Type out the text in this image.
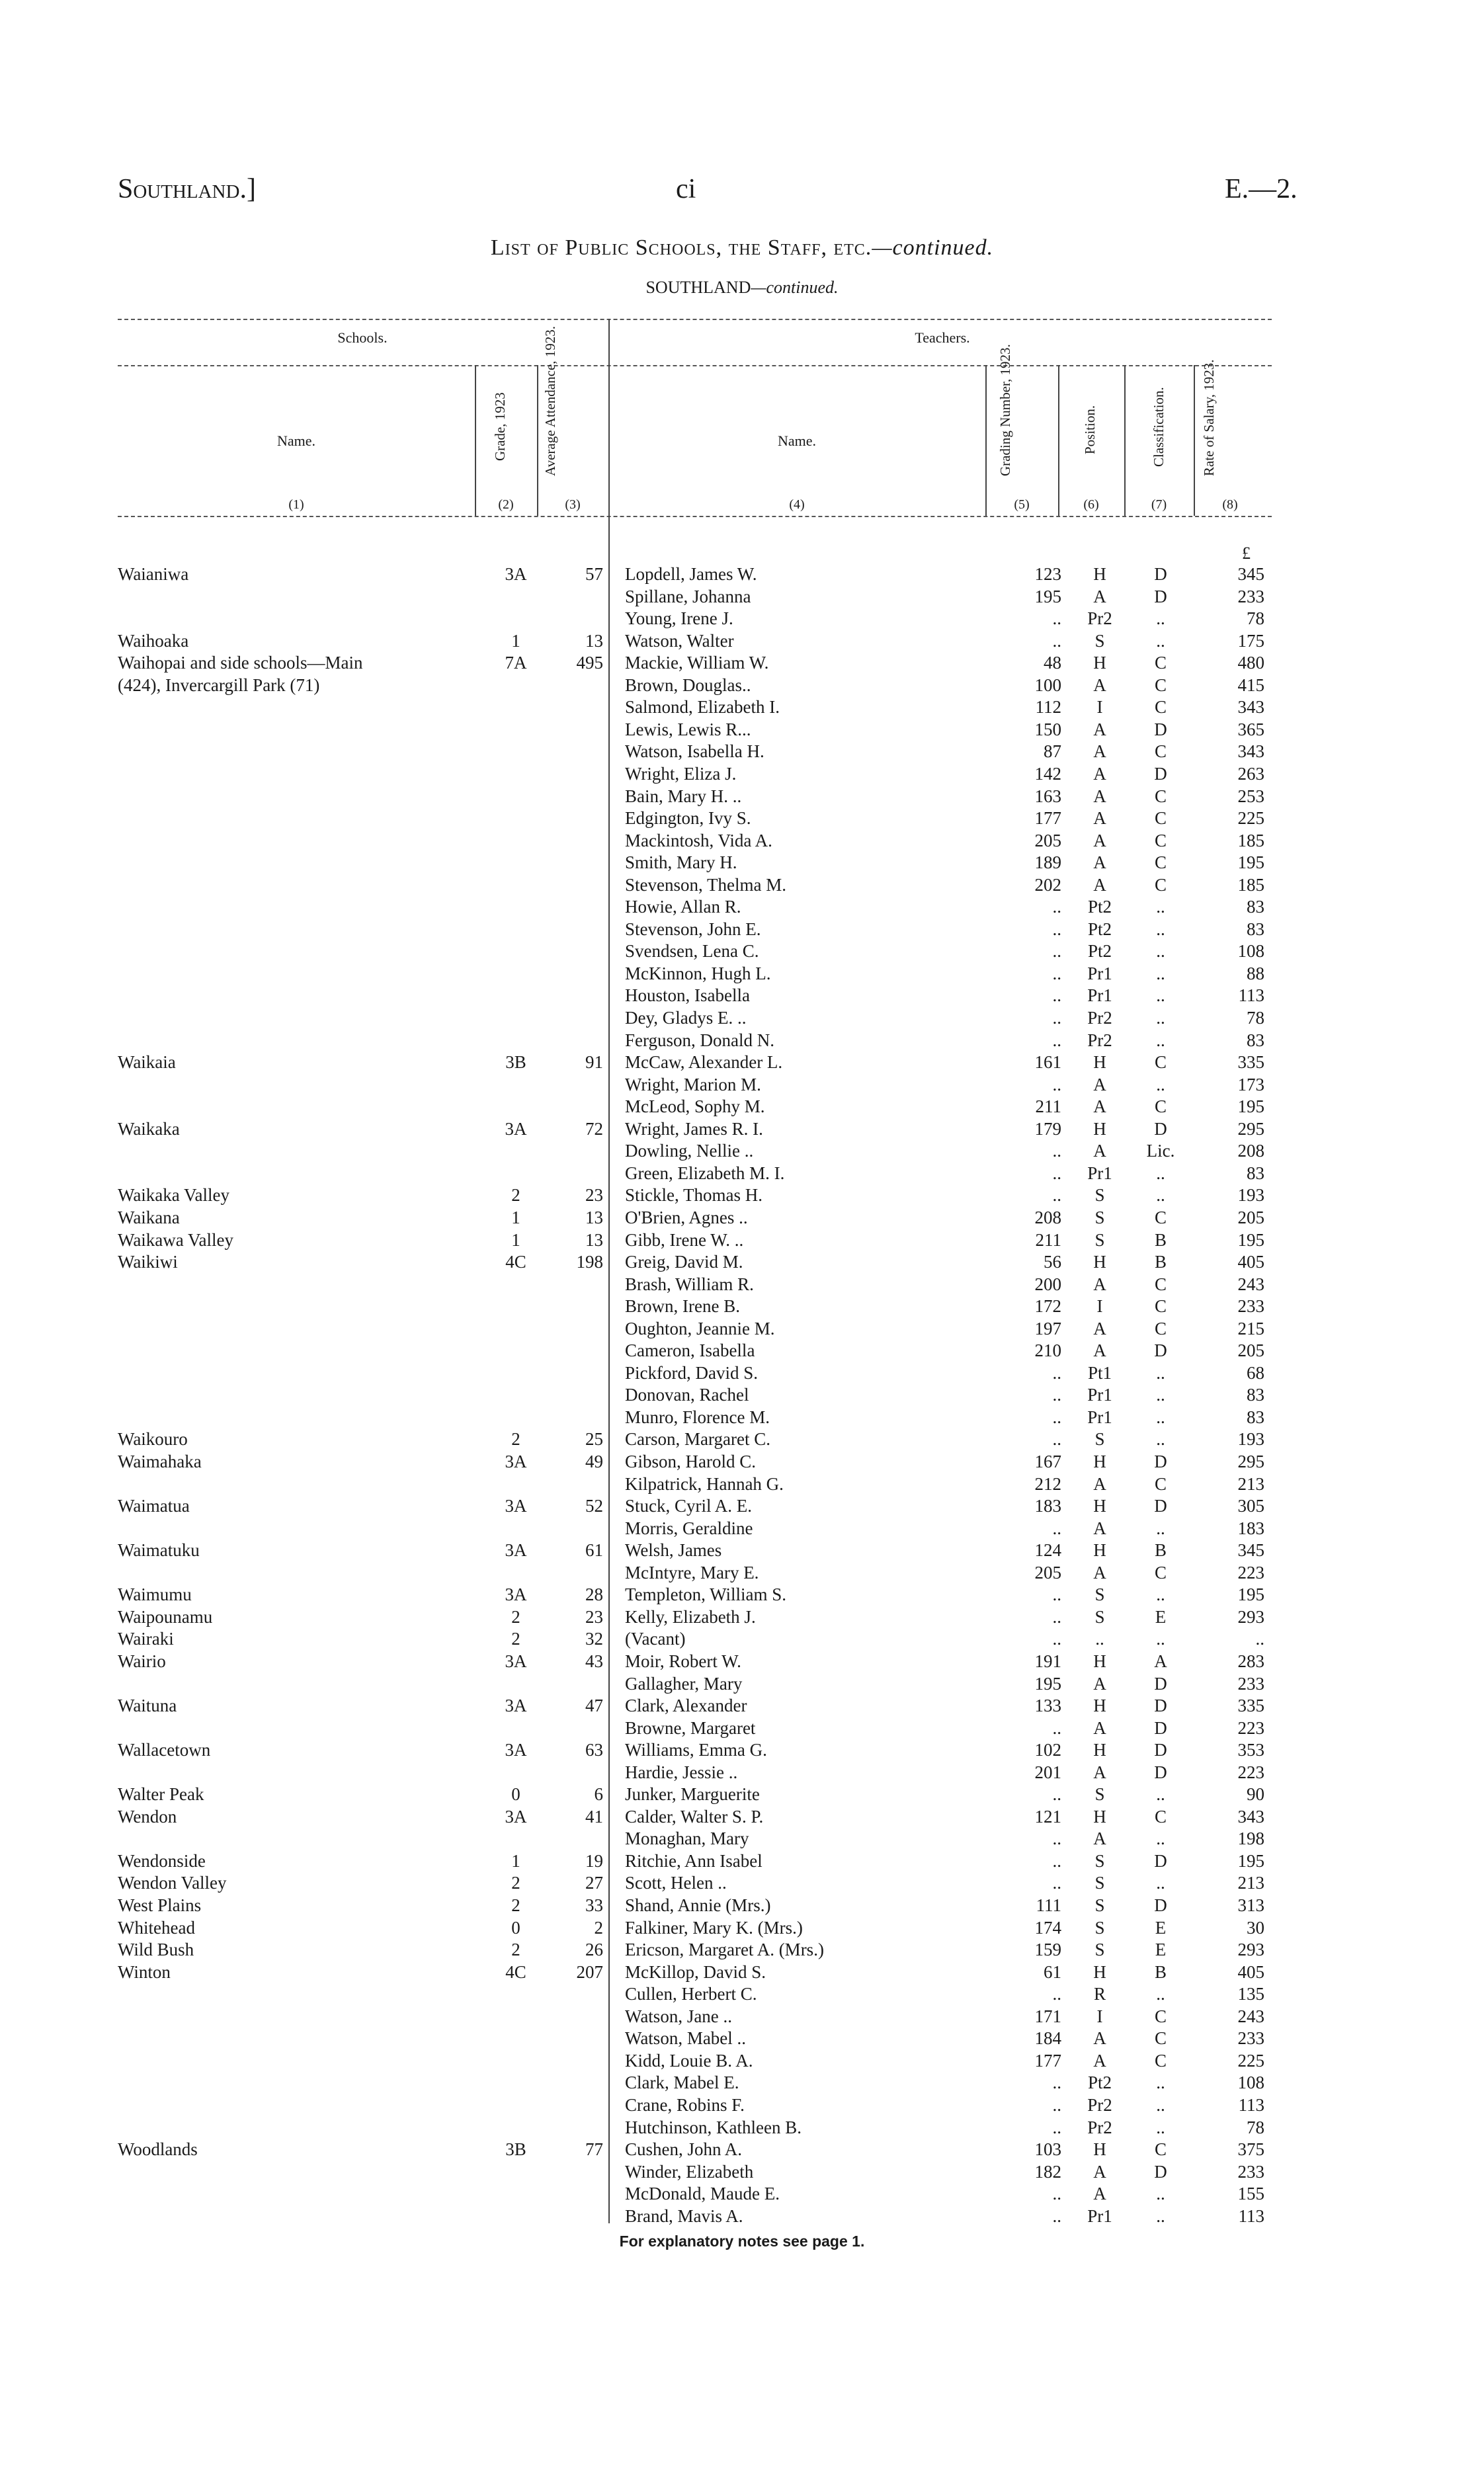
Southland.]	ci	E.—2.
List of Public Schools, the Staff, etc.—continued.
SOUTHLAND—continued.
Schools.	Teachers.
Name.	Grade, 1923 Average Attendance, 1923.	Name.	Grading Number, 1923.	Position.	Classification. Rate of Salary, 1923.
(1)	(2)	(3)	(4)	(5)	(6)	(7)	(8)
£
Waianiwa	3A	57 Lopdell, James W.	123	H	D	345
Spillane, Johanna	195	A	D	233
Young, Irene J.	..	Pr2	..	78
Waihoaka	1	13 Watson, Walter	..	S	..	175
Waihopai and side schools—Main	7A	495 Mackie, William W.	48	H	C	480
(424), Invercargill Park (71)	Brown, Douglas..	100	A	C	415
Salmond, Elizabeth I.	112	I	C	343
Lewis, Lewis R...	150	A	D	365
Watson, Isabella H.	87	A	C	343
Wright, Eliza J.	142	A	D	263
Bain, Mary H. ..	163	A	C	253
Edgington, Ivy S.	177	A	C	225
Mackintosh, Vida A.	205	A	C	185
Smith, Mary H.	189	A	C	195
Stevenson, Thelma M.	202	A	C	185
Howie, Allan R.	..	Pt2	..	83
Stevenson, John E.	..	Pt2	..	83
Svendsen, Lena C.	..	Pt2	..	108
McKinnon, Hugh L.	..	Pr1	..	88
Houston, Isabella	..	Pr1	..	113
Dey, Gladys E. ..	..	Pr2	..	78
Ferguson, Donald N.	..	Pr2	..	83
Waikaia	3B	91 McCaw, Alexander L.	161	H	C	335
Wright, Marion M.	..	A	..	173
McLeod, Sophy M.	211	A	C	195
Waikaka	3A	72 Wright, James R. I.	179	H	D	295
Dowling, Nellie ..	..	A	Lic.	208
Green, Elizabeth M. I.	..	Pr1	..	83
Waikaka Valley	2	23 Stickle, Thomas H.	..	S	..	193
Waikana	1	13 O'Brien, Agnes ..	208	S	C	205
Waikawa Valley	1	13 Gibb, Irene W. ..	211	S	B	195
Waikiwi	4C	198 Greig, David M.	56	H	B	405
Brash, William R.	200	A	C	243
Brown, Irene B.	172	I	C	233
Oughton, Jeannie M.	197	A	C	215
Cameron, Isabella	210	A	D	205
Pickford, David S.	..	Pt1	..	68
Donovan, Rachel	..	Pr1	..	83
Munro, Florence M.	..	Pr1	..	83
Waikouro	2	25 Carson, Margaret C.	..	S	..	193
Waimahaka	3A	49 Gibson, Harold C.	167	H	D	295
Kilpatrick, Hannah G.	212	A	C	213
Waimatua	3A	52 Stuck, Cyril A. E.	183	H	D	305
Morris, Geraldine	..	A	..	183
Waimatuku	3A	61 Welsh, James	124	H	B	345
McIntyre, Mary E.	205	A	C	223
Waimumu	3A	28 Templeton, William S.	..	S	..	195
Waipounamu	2	23 Kelly, Elizabeth J.	..	S	E	293
Wairaki	2	32 (Vacant)	..	..	..	..
Wairio	3A	43 Moir, Robert W.	191	H	A	283
Gallagher, Mary	195	A	D	233
Waituna	3A	47 Clark, Alexander	133	H	D	335
Browne, Margaret	..	A	D	223
Wallacetown	3A	63 Williams, Emma G.	102	H	D	353
Hardie, Jessie ..	201	A	D	223
Walter Peak	0	6 Junker, Marguerite	..	S	..	90
Wendon	3A	41 Calder, Walter S. P.	121	H	C	343
Monaghan, Mary	..	A	..	198
Wendonside	1	19 Ritchie, Ann Isabel	..	S	D	195
Wendon Valley	2	27 Scott, Helen ..	..	S	..	213
West Plains	2	33 Shand, Annie (Mrs.)	111	S	D	313
Whitehead	0	2 Falkiner, Mary K. (Mrs.)	174	S	E	30
Wild Bush	2	26 Ericson, Margaret A. (Mrs.)	159	S	E	293
Winton	4C	207 McKillop, David S.	61	H	B	405
Cullen, Herbert C.	..	R	..	135
Watson, Jane ..	171	I	C	243
Watson, Mabel ..	184	A	C	233
Kidd, Louie B. A.	177	A	C	225
Clark, Mabel E.	..	Pt2	..	108
Crane, Robins F.	..	Pr2	..	113
Hutchinson, Kathleen B.	..	Pr2	..	78
Woodlands	3B	77 Cushen, John A.	103	H	C	375
Winder, Elizabeth	182	A	D	233
McDonald, Maude E.	..	A	..	155
Brand, Mavis A.	..	Pr1	..	113
For explanatory notes see page 1.
